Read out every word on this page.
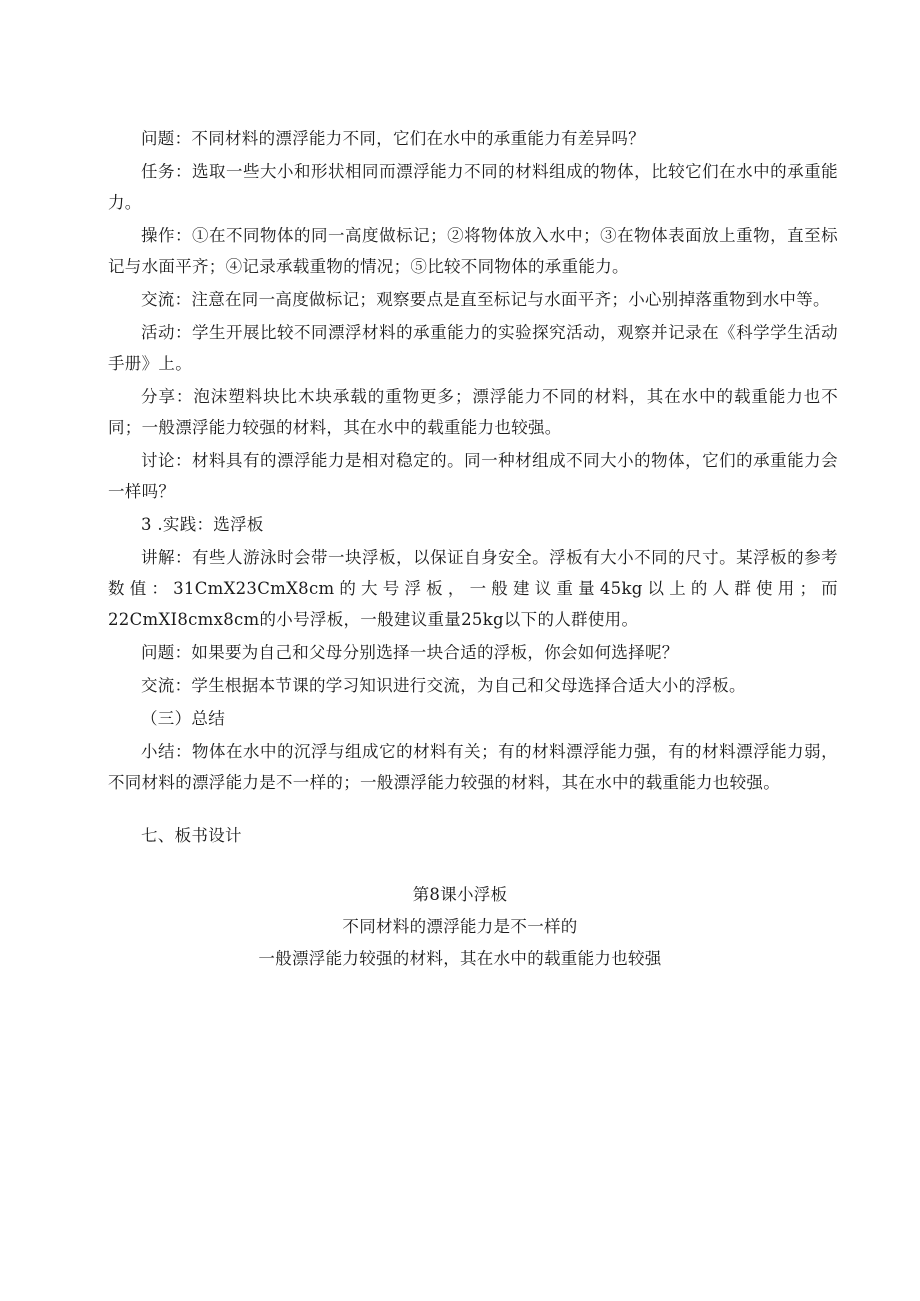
问题：不同材料的漂浮能力不同，它们在水中的承重能力有差异吗？

任务：选取一些大小和形状相同而漂浮能力不同的材料组成的物体，比较它们在水中的承重能力。

操作：①在不同物体的同一高度做标记；②将物体放入水中；③在物体表面放上重物，直至标记与水面平齐；④记录承载重物的情况；⑤比较不同物体的承重能力。

交流：注意在同一高度做标记；观察要点是直至标记与水面平齐；小心别掉落重物到水中等。

活动：学生开展比较不同漂浮材料的承重能力的实验探究活动，观察并记录在《科学学生活动手册》上。

分享：泡沫塑料块比木块承载的重物更多；漂浮能力不同的材料，其在水中的载重能力也不同；一般漂浮能力较强的材料，其在水中的载重能力也较强。

讨论：材料具有的漂浮能力是相对稳定的。同一种材组成不同大小的物体，它们的承重能力会一样吗？

3 .实践：选浮板

讲解：有些人游泳时会带一块浮板，以保证自身安全。浮板有大小不同的尺寸。某浮板的参考数值：31CmX23CmX8cm的大号浮板，一般建议重量45kg以上的人群使用；而22CmXI8cmx8cm的小号浮板，一般建议重量25kg以下的人群使用。

问题：如果要为自己和父母分别选择一块合适的浮板，你会如何选择呢？

交流：学生根据本节课的学习知识进行交流，为自己和父母选择合适大小的浮板。

（三）总结

小结：物体在水中的沉浮与组成它的材料有关；有的材料漂浮能力强，有的材料漂浮能力弱，不同材料的漂浮能力是不一样的；一般漂浮能力较强的材料，其在水中的载重能力也较强。

七、板书设计

第8课小浮板

不同材料的漂浮能力是不一样的

一般漂浮能力较强的材料，其在水中的载重能力也较强
